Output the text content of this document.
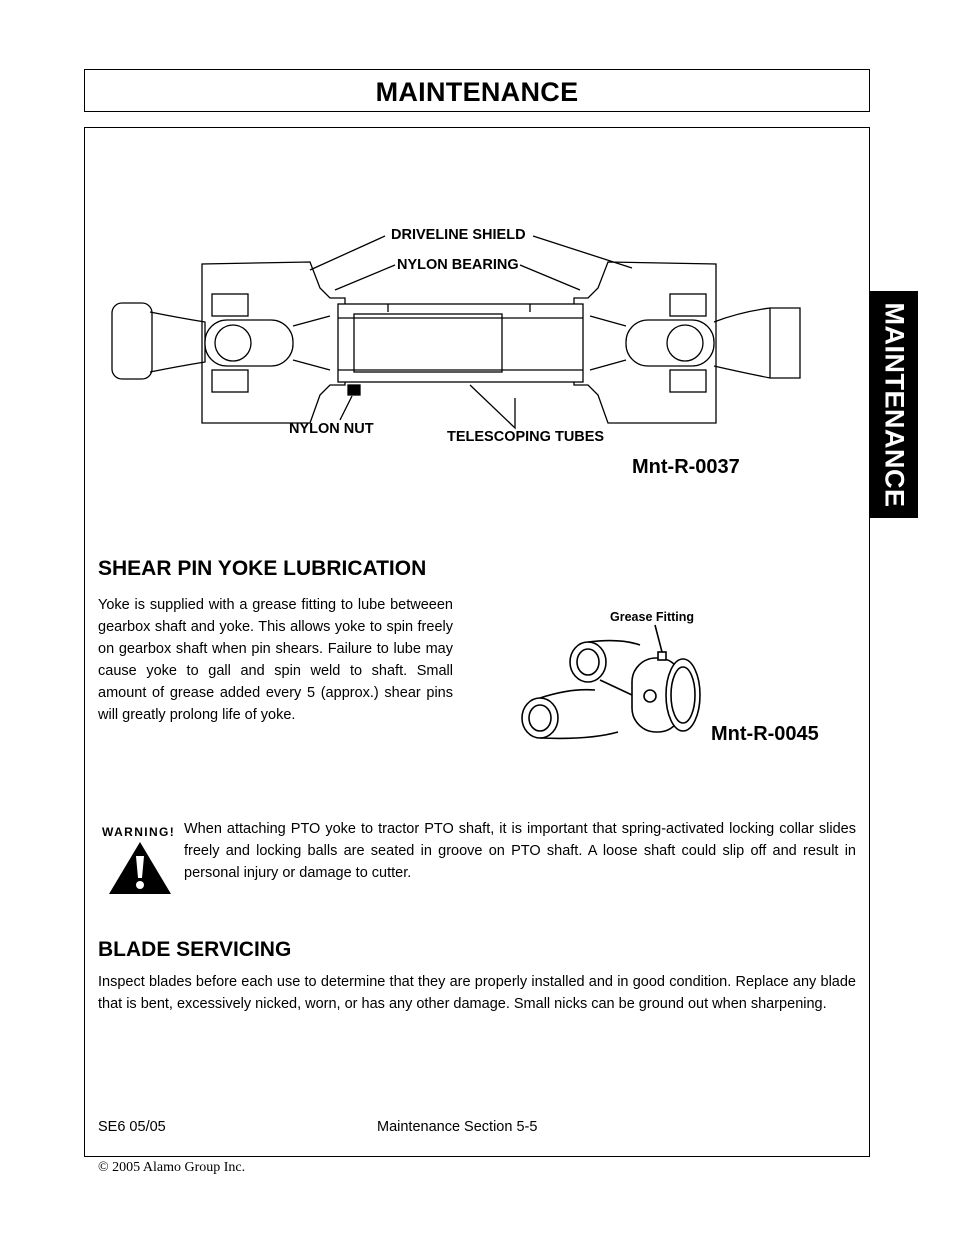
MAINTENANCE
MAINTENANCE
DRIVELINE SHIELD
NYLON BEARING
NYLON NUT	TELESCOPING TUBES
Mnt-R-0037
SHEAR PIN YOKE LUBRICATION
Yoke is supplied with a grease fitting to lube betweeen gearbox shaft and yoke. This allows yoke to spin freely on gearbox shaft when pin shears. Failure to lube may cause yoke to gall and spin weld to shaft. Small amount of grease added every 5 (approx.) shear pins will greatly prolong life of yoke.
Grease Fitting
Mnt-R-0045
WARNING! When attaching PTO yoke to tractor PTO shaft, it is important that spring-activated locking collar slides freely and locking balls are seated in groove on PTO shaft. A loose shaft could slip off and result in personal injury or damage to cutter.
BLADE SERVICING
Inspect blades before each use to determine that they are properly installed and in good condition. Replace any blade that is bent, excessively nicked, worn, or has any other damage. Small nicks can be ground out when sharpening.
SE6 05/05	Maintenance Section 5-5
© 2005 Alamo Group Inc.
